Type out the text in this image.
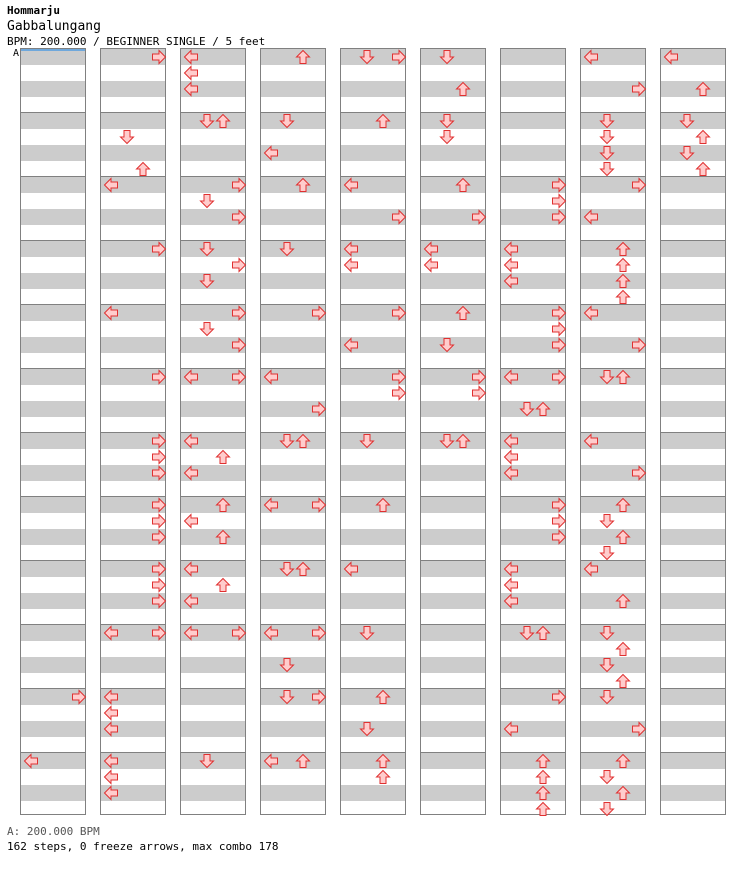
Hommarju
Gabbalungang
BPM: 200.000 / BEGINNER SINGLE / 5 feet
A
A: 200.000 BPM
162 steps, 0 freeze arrows, max combo 178
